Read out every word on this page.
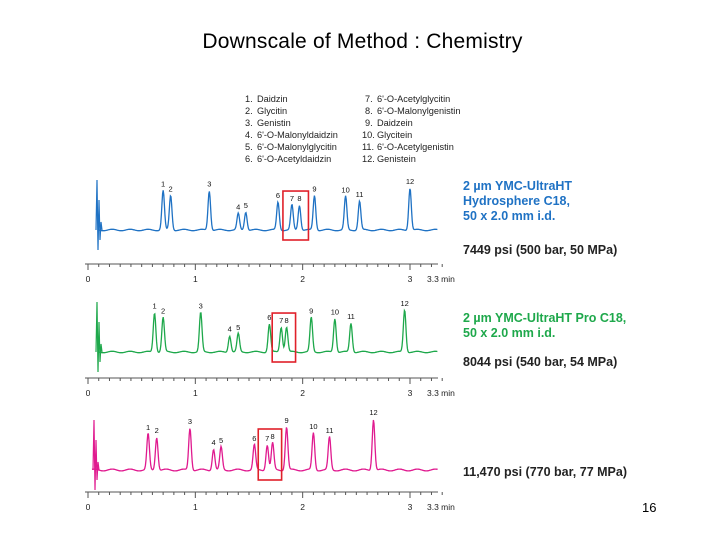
Downscale of Method : Chemistry
1. Daidzin
2. Glycitin
3. Genistin
4. 6'-O-Malonyldaidzin
5. 6'-O-Malonylglycitin
6. 6'-O-Acetyldaidzin
7. 6'-O-Acetylglycitin
8. 6'-O-Malonylgenistin
9. Daidzein
10. Glycitein
11. 6'-O-Acetylgenistin
12. Genistein
1
2
3
4 5
6 7 8
9	10
11
12
0	1	2	3 3.3 min
2 µm YMC-UltraHT
Hydrosphere C18,
50 x 2.0 mm i.d.
7449 psi (500 bar, 50 MPa)
1
2
3
4 5
6 7 8
9 10
11
12
0	1	2	3 3.3 min
2 µm YMC-UltraHT Pro C18,
50 x 2.0 mm i.d.
8044 psi (540 bar, 54 MPa)
1 2
3
4 5	6 7 8
9
10 11
12
0	1	2	3 3.3 min
11,470 psi (770 bar, 77 MPa)
16
